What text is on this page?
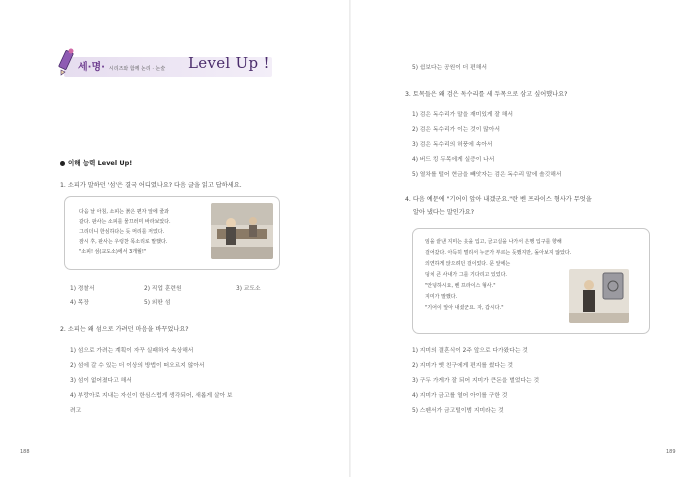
세·명· 시리즈와 함께 논리 · 논술 Level Up !
이해 능력 Level Up!
1. 소피가 말하던 '섬'은 결국 어디였나요? 다음 글을 읽고 답하세요.
다음 날 아침, 소피는 붉은 편자 앞에 줄과
같다. 판사는 소피를 물끄러미 바라보았다.
그리더니 한심하다는 듯 머리를 저었다.
잠시 후, 판사는 우렁찬 목소리로 말했다.
"소피! 섬(교도소)에서 3개월!"
1) 경찰서	2) 직업 훈련원	3) 교도소
4) 목장	5) 외딴 섬
2. 소피는 왜 섬으로 가려던 마음을 바꾸었나요?
1) 섬으로 가려는 계획이 자꾸 실패하자 속상해서
2) 섬에 갈 수 있는 더 이상의 방법이 떠오르지 않아서
3) 섬이 없어졌다고 해서
4) 부랑아로 지내는 자신이 한심스럽게 생각되어, 새롭게 살아 보
려고
188
5) 쉼보다는 공원이 더 편해서
3. 토목들은 왜 검은 독수리를 세 두목으로 삼고 싶어했나요?
1) 검은 독수리가 말을 재미있게 잘 해서
2) 검은 독수리가 이는 것이 많아서
3) 검은 독수리의 허풍에 속아서
4) 버드 킹 두목에게 실증이 나서
5) 열차를 털어 현금을 빼앗자는 검은 독수리 말에 솔깃해서
4. 다음 예문에 "기어이 앞아 내겠군요."란 벤 프라이스 형사가 무엇을
알아 냈다는 말인가요?
임을 끝낸 지미는 옷을 입고, 금고실을 나가서 은행 입구를 향해
걸어갔다. 아득히 멀리서 누군가 부르는 듯했지만, 돌아보지 않았다.
의연하게 앉으려던 걸이었다. 문 앞에는
덩치 큰 사내가 그를 기다리고 있었다.
"안녕하시요, 벤 프라이스 형사."
지미가 말했다.
"기어이 앞아 내셨군요. 자, 갑시다."
1) 지미의 결혼식이 2주 앞으로 다가왔다는 것
2) 지미가 옛 친구에게 편지를 썼다는 것
3) 구두 가게가 잘 되어 지미가 큰돈을 벌었다는 것
4) 지미가 금고를 열어 아이를 구한 것
5) 스펜서가 금고털이범 지미라는 것
189
